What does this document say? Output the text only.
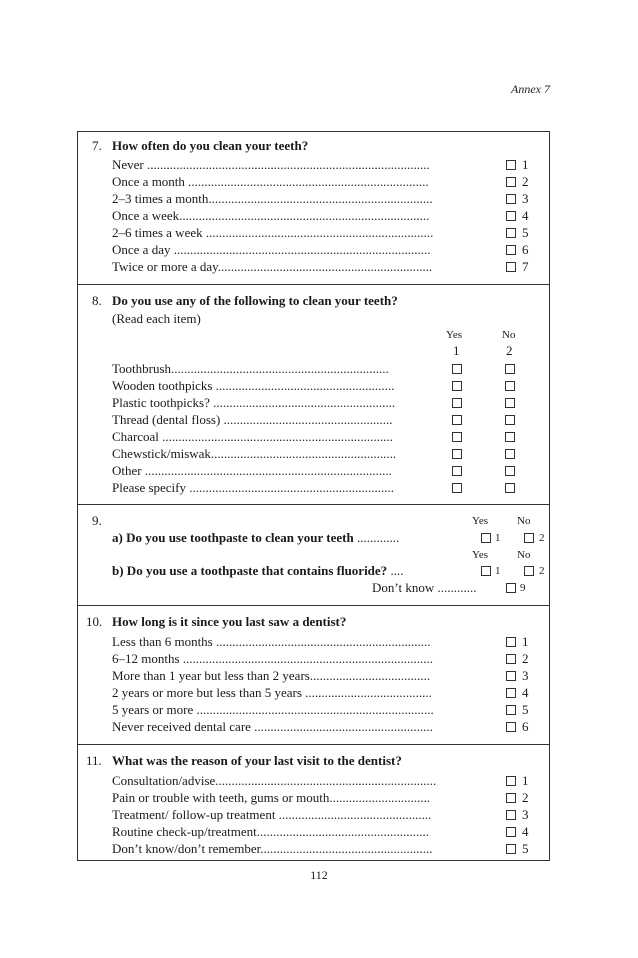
Annex 7
7. How often do you clean your teeth?
Never .......................................................................................	1
Once a month ..........................................................................	2
2–3 times a month.....................................................................	3
Once a week.............................................................................	4
2–6 times a week ......................................................................	5
Once a day ...............................................................................	6
Twice or more a day..................................................................	7
8. Do you use any of the following to clean your teeth?
(Read each item)
Yes	No
1	2
Toothbrush...................................................................
Wooden toothpicks .......................................................
Plastic toothpicks? ........................................................
Thread (dental floss) ....................................................
Charcoal .......................................................................
Chewstick/miswak.........................................................
Other ............................................................................
Please specify ...............................................................
9.	Yes	No
a) Do you use toothpaste to clean your teeth .............	1	2
Yes	No
b) Do you use a toothpaste that contains fluoride? ....	1	2
Don’t know ............	9
10. How long is it since you last saw a dentist?
Less than 6 months ..................................................................	1
6–12 months .............................................................................	2
More than 1 year but less than 2 years.....................................	3
2 years or more but less than 5 years .......................................	4
5 years or more .........................................................................	5
Never received dental care .......................................................	6
11. What was the reason of your last visit to the dentist?
Consultation/advise....................................................................	1
Pain or trouble with teeth, gums or mouth...............................	2
Treatment/ follow-up treatment ...............................................	3
Routine check-up/treatment.....................................................	4
Don’t know/don’t remember.....................................................	5
112
